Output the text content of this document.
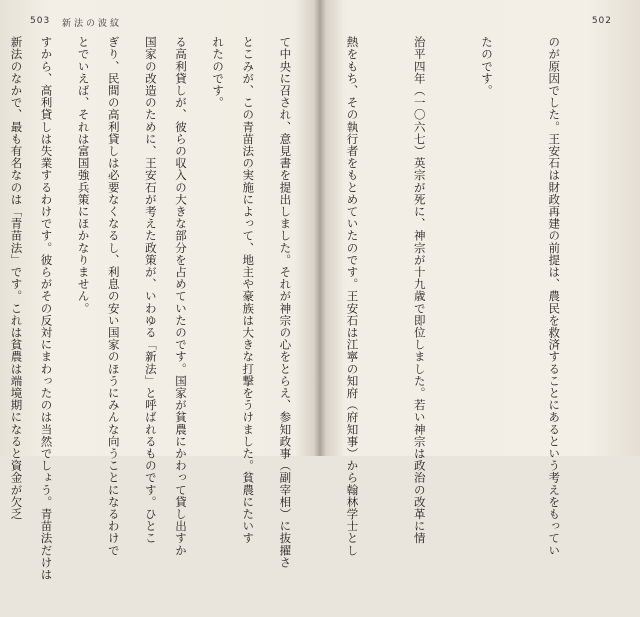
503 新法の波紋

とこみが、この青苗法の実施によって、地主や豪族は大きな打撃をうけました。貧農にたいす

る高利貸しが、彼らの収入の大きな部分を占めていたのです。国家が貧農にかわって貸し出すか

ぎり、民間の高利貸しは必要なくなるし、利息の安い国家のほうにみんな向うことになるわけで

すから、高利貸しは失業するわけです。彼らがその反対にまわったのは当然でしょう。青苗法だけは

502

のが原因でした。王安石は財政再建の前提は、農民を救済することにあるという考えをもってい

たのです。

治平四年（一〇六七）英宗が死に、神宗が十九歳で即位しました。若い神宗は政治の改革に情

熱をもち、その執行者をもとめていたのです。王安石は江寧の知府（府知事）から翰林学士とし

て中央に召され、意見書を提出しました。それが神宗の心をとらえ、参知政事（副宰相）に抜擢さ

れたのです。

国家の改造のために、王安石が考えた政策が、いわゆる「新法」と呼ばれるものです。ひとこ

とでいえば、それは富国強兵策にほかなりません。

新法のなかで、最も有名なのは「青苗法」です。これは貧農は端境期になると資金が欠乏
